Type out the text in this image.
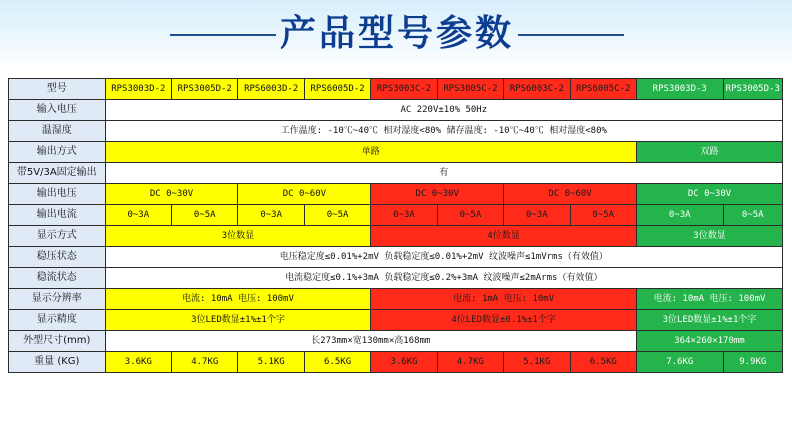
产品型号参数
型号	RPS3003D-2	RPS3005D-2	RPS6003D-2	RPS6005D-2	RPS3003C-2	RPS3005C-2	RPS6003C-2	RPS6005C-2	RPS3003D-3	RPS3005D-3
输入电压	AC 220V±10% 50Hz									
温湿度	工作温度: -10℃~40℃ 相对湿度<80% 储存温度: -10℃~40℃ 相对湿度<80%									
输出方式	单路								双路	
带5V/3A固定输出	有									
输出电压	DC 0~30V		DC 0~60V		DC 0~30V		DC 0~60V		DC 0~30V	
输出电流	0~3A	0~5A	0~3A	0~5A	0~3A	0~5A	0~3A	0~5A	0~3A	0~5A
显示方式	3位数显				4位数显				3位数显	
稳压状态	电压稳定度≤0.01%+2mV 负载稳定度≤0.01%+2mV 纹波噪声≤1mVrms（有效值）									
稳流状态	电流稳定度≤0.1%+3mA 负载稳定度≤0.2%+3mA 纹波噪声≤2mArms（有效值）									
显示分辨率	电流: 10mA 电压: 100mV				电流: 1mA 电压: 10mV				电流: 10mA 电压: 100mV	
显示精度	3位LED数显±1%±1个字				4位LED数显±0.1%±1个字				3位LED数显±1%±1个字	
外型尺寸(mm)	长273mm×宽130mm×高168mm								364×260×170mm	
重量 (KG)	3.6KG	4.7KG	5.1KG	6.5KG	3.6KG	4.7KG	5.1KG	6.5KG	7.6KG	9.9KG
